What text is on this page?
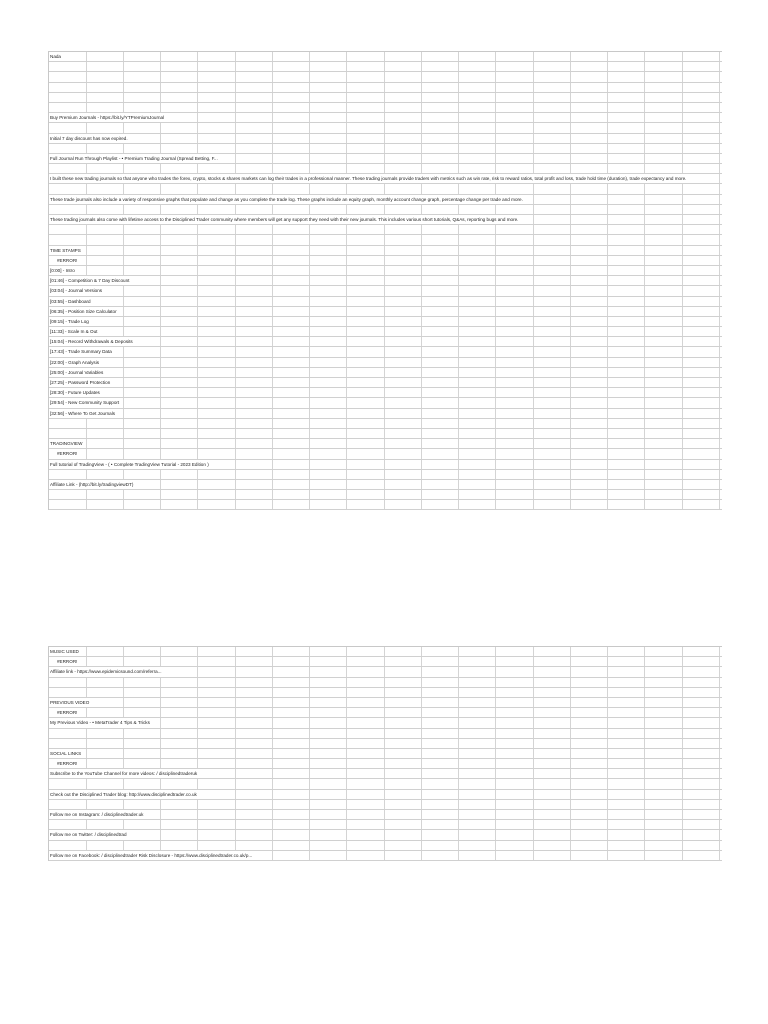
Nada
Buy Premium Journals - https://bit.ly/YTPremiumJournal
Initial 7 day discount has now expired.
Full Journal Run Through Playlist - • Premium Trading Journal (Spread Betting, F...
I built these new trading journals so that anyone who trades the forex, crypto, stocks & shares markets can log their trades in a professional manner. These trading journals provide traders with metrics such as win rate, risk to reward ratios, total profit and loss, trade hold time (duration), trade expectancy and more.
These trade journals also include a variety of responsive graphs that populate and change as you complete the trade log. These graphs include an equity graph, monthly account change graph, percentage change per trade and more.
These trading journals also come with lifetime access to the Disciplined Trader community where members will get any support they need with their new journals. This includes various short tutorials, Q&As, reporting bugs and more.
TIME STAMPS
#ERROR!
[0:00] - Intro
[01:46] - Competition & 7 Day Discount
[03:04] - Journal Versions
[03:55] - Dashboard
[06:35] - Position Size Calculator
[09:15] - Trade Log
[11:33] - Scale In & Out
[15:04] - Record Withdrawals & Deposits
[17:43] - Trade Summary Data
[22:00] - Graph Analysis
[25:00] - Journal Variables
[27:25] - Password Protection
[28:30] - Future Updates
[29:54] - New Community Support
[32:56] - Where To Get Journals
TRADINGVIEW
#ERROR!
Full tutorial of TradingView - ( • Complete TradingView Tutorial - 2023 Edition )
Affiliate Link - (http://bit.ly/tradingviewDT)
MUSIC USED
#ERROR!
Affiliate link - https://www.epidemicsound.com/referra...
PREVIOUS VIDEO
#ERROR!
My Previous Video - • MetaTrader 4 Tips & Tricks
SOCIAL LINKS
#ERROR!
Subscribe to the YouTube Channel for more videos: / disciplinedtraderuk
Check out the Disciplined Trader blog: http://www.disciplinedtrader.co.uk
Follow me on Instagram: / disciplinedtrader.uk
Follow me on Twitter: / disciplinedtrad
Follow me on Facebook: / disciplinedtrader Risk Disclosure - https://www.disciplinedtrader.co.uk/p...
